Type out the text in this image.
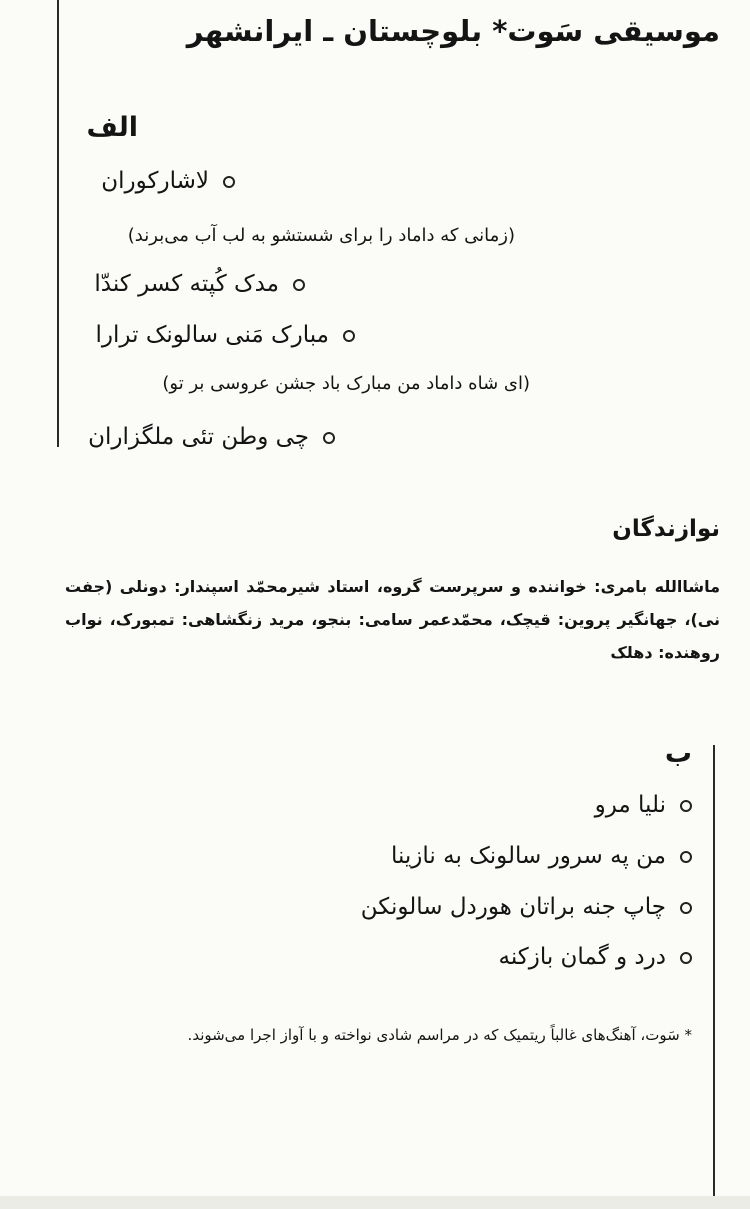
موسیقی سَوت* بلوچستان ـ ایرانشهر
الف
لاشارکوران
(زمانی که داماد را برای شستشو به لب آب می‌برند)
مدک کُپته کسر کندّا
مبارک مَنی سالونک ترارا
(ای شاه داماد من مبارک باد جشن عروسی بر تو)
چی وطن تئی ملگزاران
نوازندگان
ماشاالله بامری: خواننده و سرپرست گروه، استاد شیرمحمّد اسپندار: دونلی (جفت نی)، جهانگیر پروین: قیچک، محمّدعمر سامی: بنجو، مرید زنگشاهی: تمبورک، نواب روهنده: دهلک
ب
نلیا مرو
من په سرور سالونک به نازینا
چاپ جنه براتان هوردل سالونکن
درد و گمان بازکنه
* سَوت، آهنگ‌های غالباً ریتمیک که در مراسم شادی نواخته و با آواز اجرا می‌شوند.
